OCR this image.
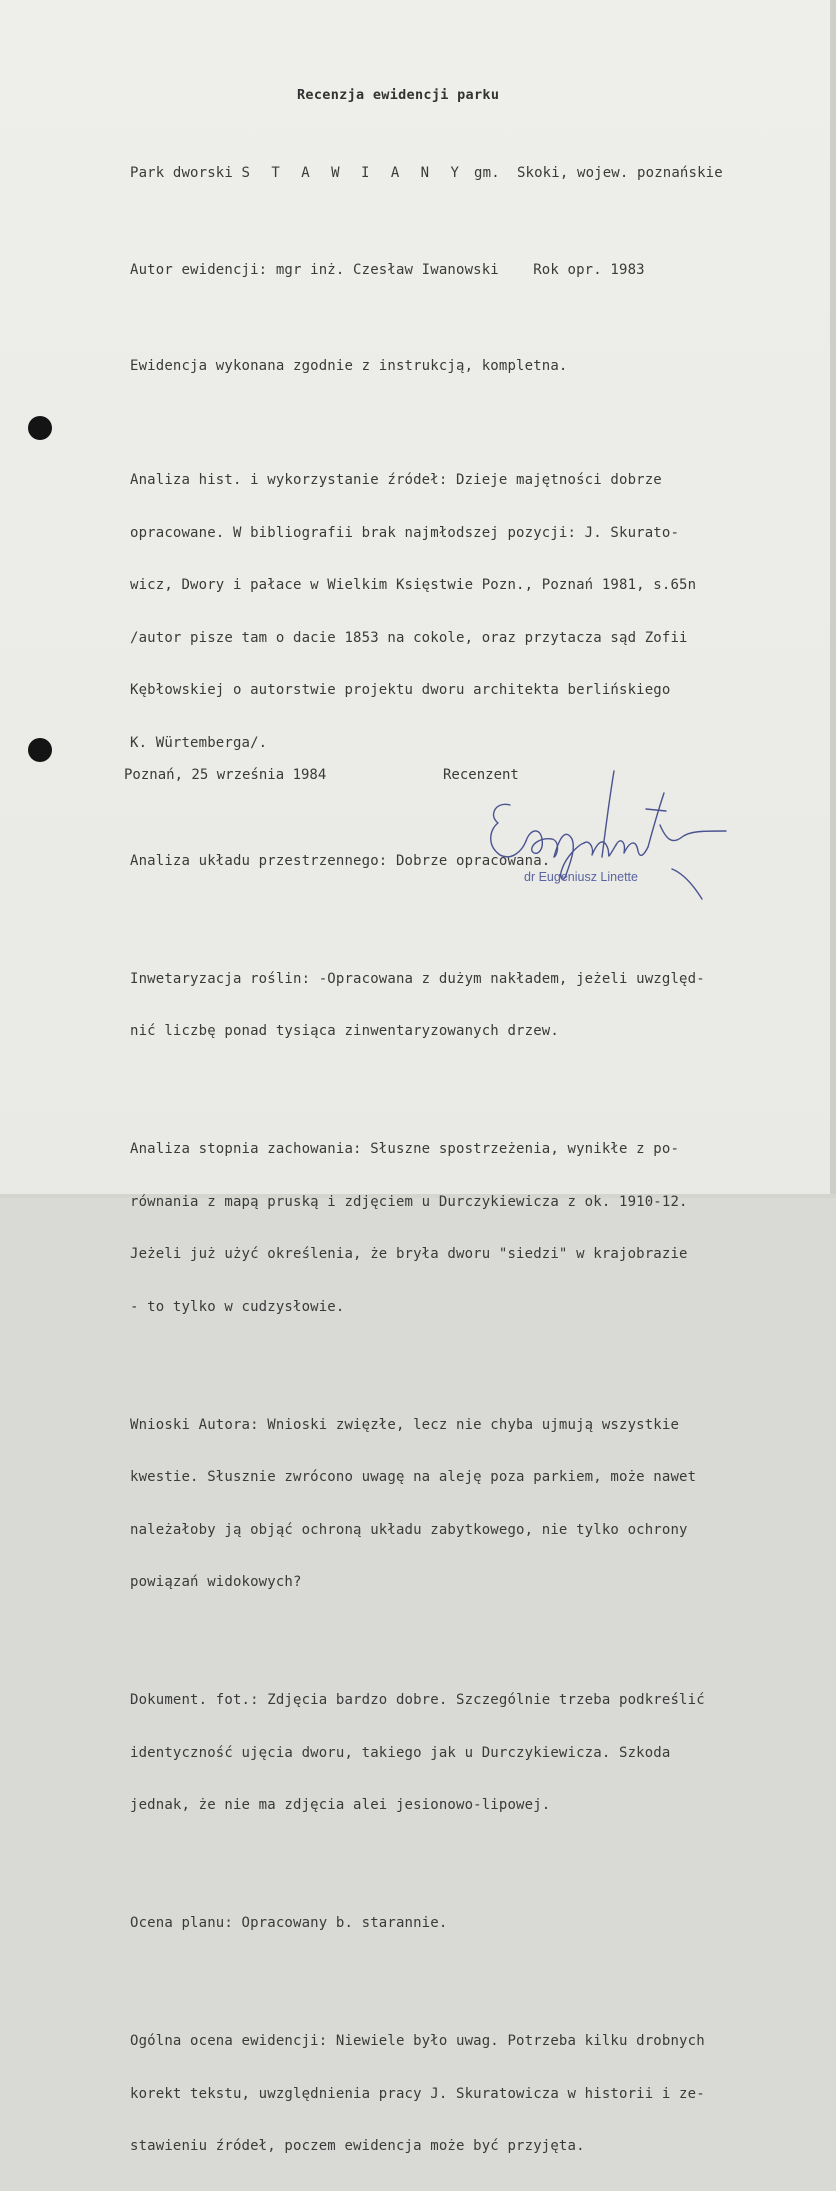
Recenzja ewidencji parku

Park dworski S T A W I A N Y gm.  Skoki, wojew. poznańskie

Autor ewidencji: mgr inż. Czesław Iwanowski    Rok opr. 1983

Ewidencja wykonana zgodnie z instrukcją, kompletna.

Analiza hist. i wykorzystanie źródeł: Dzieje majętności dobrze

opracowane. W bibliografii brak najmłodszej pozycji: J. Skurato-

wicz, Dwory i pałace w Wielkim Księstwie Pozn., Poznań 1981, s.65n

/autor pisze tam o dacie 1853 na cokole, oraz przytacza sąd Zofii

Kębłowskiej o autorstwie projektu dworu architekta berlińskiego

K. Würtemberga/.

Analiza układu przestrzennego: Dobrze opracowana.

Inwetaryzacja roślin: -Opracowana z dużym nakładem, jeżeli uwzględ-

nić liczbę ponad tysiąca zinwentaryzowanych drzew.

Analiza stopnia zachowania: Słuszne spostrzeżenia, wynikłe z po-

równania z mapą pruską i zdjęciem u Durczykiewicza z ok. 1910-12.

Jeżeli już użyć określenia, że bryła dworu "siedzi" w krajobrazie

- to tylko w cudzysłowie.

Wnioski Autora: Wnioski zwięzłe, lecz nie chyba ujmują wszystkie

kwestie. Słusznie zwrócono uwagę na aleję poza parkiem, może nawet

należałoby ją objąć ochroną układu zabytkowego, nie tylko ochrony

powiązań widokowych?

Dokument. fot.: Zdjęcia bardzo dobre. Szczególnie trzeba podkreślić

identyczność ujęcia dworu, takiego jak u Durczykiewicza. Szkoda

jednak, że nie ma zdjęcia alei jesionowo-lipowej.

Ocena planu: Opracowany b. starannie.

Ogólna ocena ewidencji: Niewiele było uwag. Potrzeba kilku drobnych

korekt tekstu, uwzględnienia pracy J. Skuratowicza w historii i ze-

stawieniu źródeł, poczem ewidencja może być przyjęta.

Poznań, 25 września 1984	Recenzent
dr Eugeniusz Linette
